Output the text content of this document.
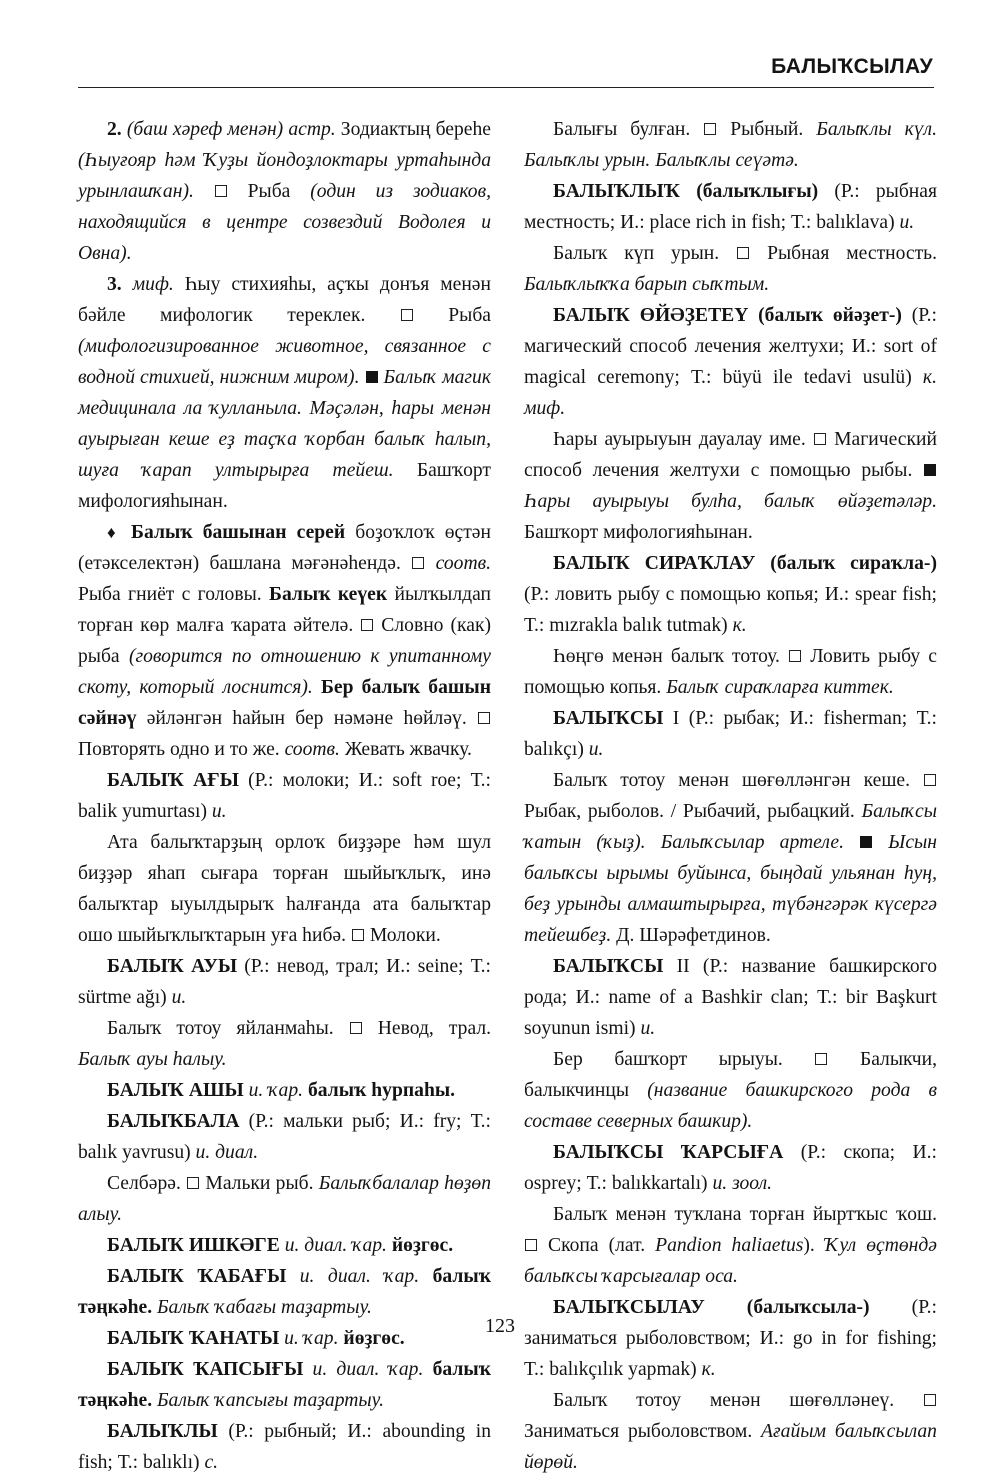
БАЛЫҠСЫЛАУ

2. (баш хәреф менән) астр. Зодиактың береһе (Һыуғояр һәм Ҡуҙы йондоҙлоктары уртаһында урынлашҡан).  Рыба (один из зодиаков, находящийся в центре созвездий Водолея и Овна).

3. миф. Һыу стихияһы, аҫҡы донъя менән бәйле мифологик тереклек.  Рыба (мифологизированное животное, связанное с водной стихией, нижним миром). Балыҡ магик медицинала ла ҡулланыла. Мәҫәлән, һары менән ауырыған кеше еҙ таҫҡа ҡорбан балыҡ һалып, шуға ҡарап ултырырға тейеш. Башҡорт мифологияһынан.

♦ Балыҡ башынан серей боҙоҡлоҡ өҫтән (етәкселектән) башлана мәғәнәһендә.  соотв. Рыба гниёт с головы. Балыҡ кеүек йылҡылдап торған көр малға ҡарата әйтелә.  Словно (как) рыба (говорится по отношению к упитанному скоту, который лоснится). Бер балыҡ башын сәйнәү әйләнгән һайын бер нәмәне һөйләү.  Повторять одно и то же. соотв. Жевать жвачку.

БАЛЫҠ АҒЫ (Р.: молоки; И.: soft roe; Т.: balik yumurtası) и.

Ата балыҡтарҙың орлоҡ биҙҙәре һәм шул биҙҙәр яһап сығара торған шыйыҡлыҡ, инә балыҡтар ыуылдырыҡ һалғанда ата балыҡтар ошо шыйыҡлыҡтарын уға һибә.  Молоки.

БАЛЫҠ АУЫ (Р.: невод, трал; И.: seine; Т.: sürtme ağı) и.

Балыҡ тотоу яйланмаһы.  Невод, трал. Балыҡ ауы һалыу.

БАЛЫҠ АШЫ и. ҡар. балыҡ һурпаһы.

БАЛЫҠБАЛА (Р.: мальки рыб; И.: fry; Т.: balık yavrusu) и. диал.

Селбәрә.  Мальки рыб. Балыҡбалалар һөҙөп алыу.

БАЛЫҠ ИШКӘГЕ и. диал. ҡар. йөҙгөс.

БАЛЫҠ ҠАБАҒЫ и. диал. ҡар. балыҡ тәңкәһе. Балыҡ ҡабағы таҙартыу.

БАЛЫҠ ҠАНАТЫ и. ҡар. йөҙгөс.

БАЛЫҠ ҠАПСЫҒЫ и. диал. ҡар. балыҡ тәңкәһе. Балыҡ ҡапсығы таҙартыу.

БАЛЫҠЛЫ (Р.: рыбный; И.: abounding in fish; Т.: balıklı) с.

Балығы булған.  Рыбный. Балыҡлы күл. Балыҡлы урын. Балыҡлы сеүәтә.

БАЛЫҠЛЫҠ (балыҡлығы) (Р.: рыбная местность; И.: place rich in fish; Т.: balıklava) и.

Балыҡ күп урын.  Рыбная местность. Балыҡлыҡҡа барып сыҡтым.

БАЛЫҠ ӨЙӘҘЕТЕҮ (балыҡ өйәҙет-) (Р.: магический способ лечения желтухи; И.: sort of magical ceremony; Т.: büyü ile tedavi usulü) к. миф.

Һары ауырыуын дауалау име.  Магический способ лечения желтухи с помощью рыбы.  Һары ауырыуы булһа, балыҡ өйәҙетәләр. Башҡорт мифологияһынан.

БАЛЫҠ СИРАҠЛАУ (балыҡ сираҡла-) (Р.: ловить рыбу с помощью копья; И.: spear fish; Т.: mızrakla balık tutmak) к.

Һөңгө менән балыҡ тотоу.  Ловить рыбу с помощью копья. Балыҡ сираҡларға киттек.

БАЛЫҠСЫ I (Р.: рыбак; И.: fisherman; Т.: balıkçı) и.

Балыҡ тотоу менән шөғөлләнгән кеше.  Рыбак, рыболов. / Рыбачий, рыбацкий. Балыҡсы ҡатын (ҡыҙ). Балыҡсылар артеле. Ысын балыҡсы ырымы буйынса, быңдай ульянан һуң, беҙ урынды алмаштырырға, түбәнгәрәк күсергә тейешбеҙ. Д. Шәрәфетдинов.

БАЛЫҠСЫ II (Р.: название башкирского рода; И.: name of a Bashkir clan; Т.: bir Başkurt soyunun ismi) и.

Бер башҡорт ырыуы.  Балыкчи, балыкчинцы (название башкирского рода в составе северных башкир).

БАЛЫҠСЫ ҠАРСЫҒА (Р.: скопа; И.: osprey; Т.: balıkkartalı) и. зоол.

Балыҡ менән туҡлана торған йыртҡыс ҡош.  Скопа (лат. Pandion haliaetus). Ҡул өҫтөндә балыҡсы ҡарсығалар оса.

БАЛЫҠСЫЛАУ (балыҡсыла-) (Р.: заниматься рыболовством; И.: go in for fishing; Т.: balıkçılık yapmak) к.

Балыҡ тотоу менән шөғөлләнеү.  Заниматься рыболовством. Ағайым балыҡсылап йөрөй.

123
